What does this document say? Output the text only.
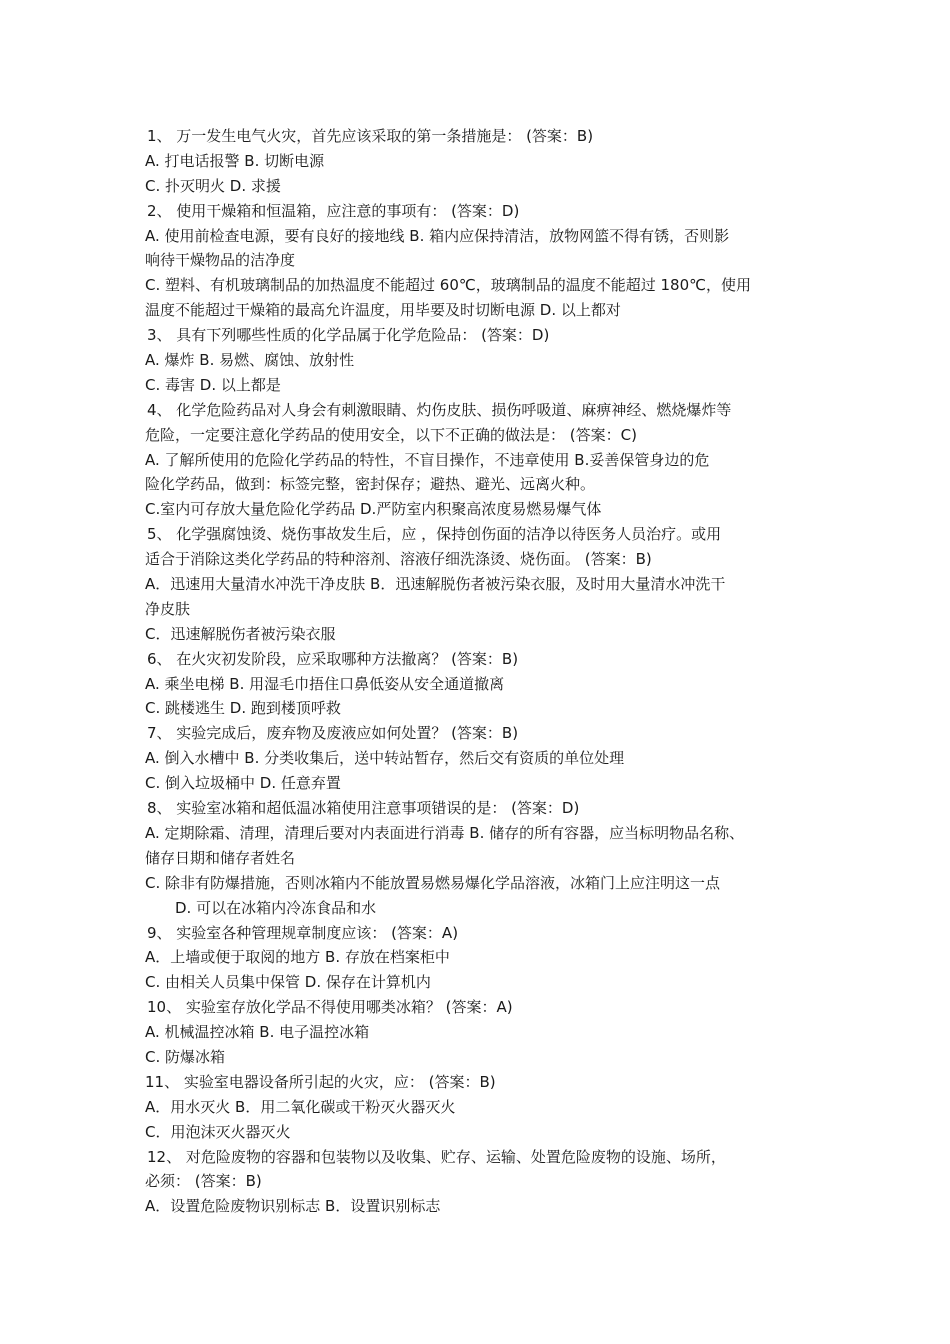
1、 万一发生电气火灾，首先应该采取的第一条措施是： (答案：B)
A. 打电话报警 B. 切断电源
C. 扑灭明火 D. 求援
2、 使用干燥箱和恒温箱，应注意的事项有： (答案：D)
A. 使用前检查电源，要有良好的接地线 B. 箱内应保持清洁，放物网篮不得有锈，否则影
响待干燥物品的洁净度
C. 塑料、有机玻璃制品的加热温度不能超过 60℃，玻璃制品的温度不能超过 180℃，使用
温度不能超过干燥箱的最高允许温度，用毕要及时切断电源 D. 以上都对
3、 具有下列哪些性质的化学品属于化学危险品： (答案：D)
A. 爆炸 B. 易燃、腐蚀、放射性
C. 毒害 D. 以上都是
4、 化学危险药品对人身会有刺激眼睛、灼伤皮肤、损伤呼吸道、麻痹神经、燃烧爆炸等
危险，一定要注意化学药品的使用安全，以下不正确的做法是： (答案：C)
A. 了解所使用的危险化学药品的特性，不盲目操作，不违章使用 B.妥善保管身边的危
险化学药品，做到：标签完整，密封保存；避热、避光、远离火种。
C.室内可存放大量危险化学药品 D.严防室内积聚高浓度易燃易爆气体
5、 化学强腐蚀烫、烧伤事故发生后，应 ，保持创伤面的洁净以待医务人员治疗。或用
适合于消除这类化学药品的特种溶剂、溶液仔细洗涤烫、烧伤面。 (答案：B)
A．迅速用大量清水冲洗干净皮肤 B．迅速解脱伤者被污染衣服，及时用大量清水冲洗干
净皮肤
C．迅速解脱伤者被污染衣服
6、 在火灾初发阶段，应采取哪种方法撤离？ (答案：B)
A. 乘坐电梯 B. 用湿毛巾捂住口鼻低姿从安全通道撤离
C. 跳楼逃生 D. 跑到楼顶呼救
7、 实验完成后，废弃物及废液应如何处置？ (答案：B)
A. 倒入水槽中 B. 分类收集后，送中转站暂存，然后交有资质的单位处理
C. 倒入垃圾桶中 D. 任意弃置
8、 实验室冰箱和超低温冰箱使用注意事项错误的是： (答案：D)
A. 定期除霜、清理，清理后要对内表面进行消毒 B. 储存的所有容器，应当标明物品名称、
储存日期和储存者姓名
C. 除非有防爆措施，否则冰箱内不能放置易燃易爆化学品溶液，冰箱门上应注明这一点
D. 可以在冰箱内冷冻食品和水
9、 实验室各种管理规章制度应该： (答案：A)
A．上墙或便于取阅的地方 B. 存放在档案柜中
C. 由相关人员集中保管 D. 保存在计算机内
10、 实验室存放化学品不得使用哪类冰箱？ (答案：A)
A. 机械温控冰箱 B. 电子温控冰箱
C. 防爆冰箱
11、 实验室电器设备所引起的火灾，应： (答案：B)
A．用水灭火 B．用二氧化碳或干粉灭火器灭火
C．用泡沫灭火器灭火
12、 对危险废物的容器和包装物以及收集、贮存、运输、处置危险废物的设施、场所，
必须： (答案：B)
A．设置危险废物识别标志 B．设置识别标志
